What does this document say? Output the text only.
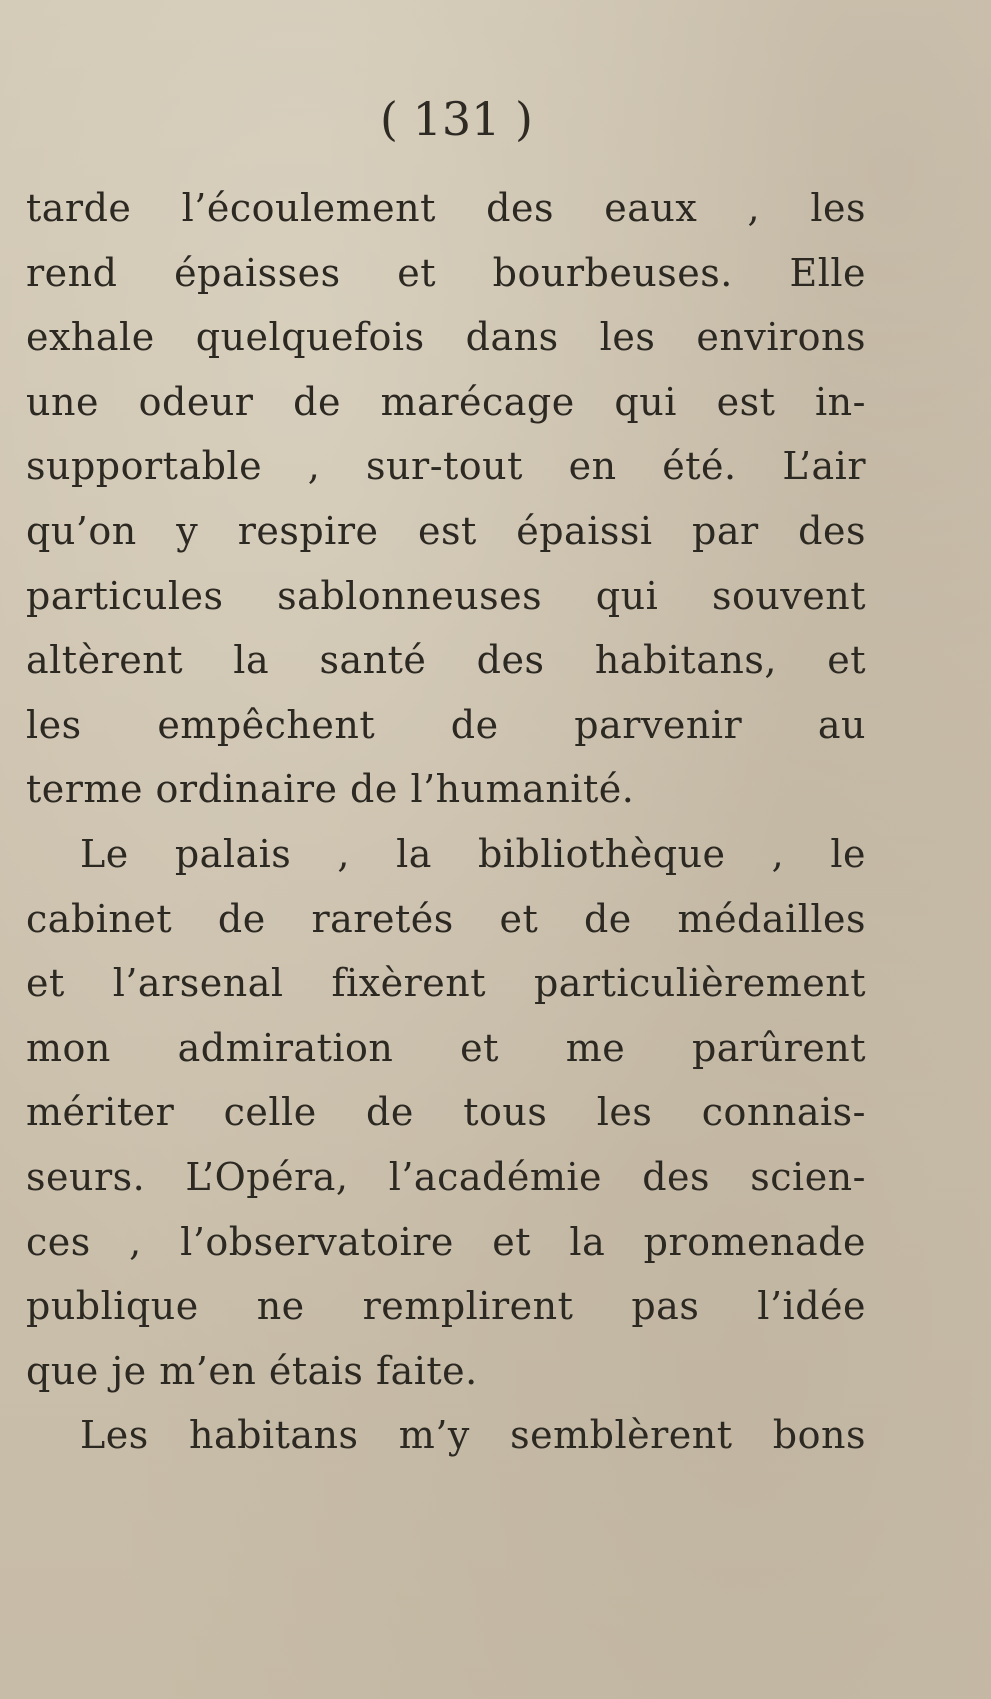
( 131 )
tarde l’écoulement des eaux , les
rend épaisses et bourbeuses. Elle
exhale quelquefois dans les environs
une odeur de marécage qui est in-
supportable , sur-tout en été. L’air
qu’on y respire est épaissi par des
particules sablonneuses qui souvent
altèrent la santé des habitans, et
les empêchent de parvenir au
terme ordinaire de l’humanité.
Le palais , la bibliothèque , le
cabinet de raretés et de médailles
et l’arsenal fixèrent particulièrement
mon admiration et me parûrent
mériter celle de tous les connais-
seurs. L’Opéra, l’académie des scien-
ces , l’observatoire et la promenade
publique ne remplirent pas l’idée
que je m’en étais faite.
Les habitans m’y semblèrent bons
